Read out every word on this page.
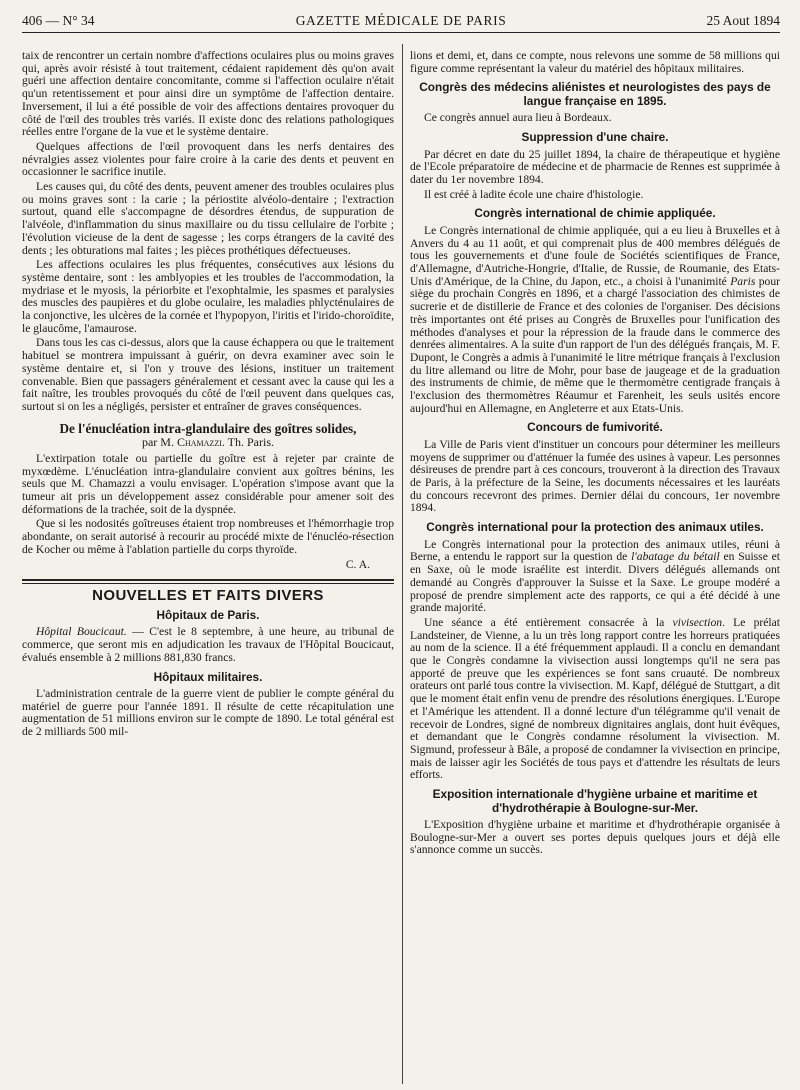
406 — N° 34	GAZETTE MÉDICALE DE PARIS	25 Aout 1894

taix de rencontrer un certain nombre d'affections oculaires plus ou moins graves qui, après avoir résisté à tout traitement, cédaient rapidement dès qu'on avait guéri une affection dentaire concomitante, comme si l'affection oculaire n'était qu'un retentissement et pour ainsi dire un symptôme de l'affection dentaire. Inversement, il lui a été possible de voir des affections dentaires provoquer du côté de l'œil des troubles très variés. Il existe donc des relations pathologiques réelles entre l'organe de la vue et le système dentaire.

Quelques affections de l'œil provoquent dans les nerfs dentaires des névralgies assez violentes pour faire croire à la carie des dents et peuvent en occasionner le sacrifice inutile.

Les causes qui, du côté des dents, peuvent amener des troubles oculaires plus ou moins graves sont : la carie ; la périostite alvéolo-dentaire ; l'extraction surtout, quand elle s'accompagne de désordres étendus, de suppuration de l'alvéole, d'inflammation du sinus maxillaire ou du tissu cellulaire de l'orbite ; l'évolution vicieuse de la dent de sagesse ; les corps étrangers de la cavité des dents ; les obturations mal faites ; les pièces prothétiques défectueuses.

Les affections oculaires les plus fréquentes, consécutives aux lésions du système dentaire, sont : les amblyopies et les troubles de l'accommodation, la mydriase et le myosis, la périorbite et l'exophtalmie, les spasmes et paralysies des muscles des paupières et du globe oculaire, les maladies phlycténulaires de la conjonctive, les ulcères de la cornée et l'hypopyon, l'iritis et l'irido-choroïdite, le glaucôme, l'amaurose.

Dans tous les cas ci-dessus, alors que la cause échappera ou que le traitement habituel se montrera impuissant à guérir, on devra examiner avec soin le système dentaire et, si l'on y trouve des lésions, instituer un traitement convenable. Bien que passagers généralement et cessant avec la cause qui les a fait naître, les troubles provoqués du côté de l'œil peuvent dans quelques cas, surtout si on les a négligés, persister et entraîner de graves conséquences.

De l'énucléation intra-glandulaire des goîtres solides,
par M. Chamazzi. Th. Paris.

L'extirpation totale ou partielle du goître est à rejeter par crainte de myxœdème. L'énucléation intra-glandulaire convient aux goîtres bénins, les seuls que M. Chamazzi a voulu envisager. L'opération s'impose avant que la tumeur ait pris un développement assez considérable pour amener soit des déformations de la trachée, soit de la dyspnée.

Que si les nodosités goîtreuses étaient trop nombreuses et l'hémorrhagie trop abondante, on serait autorisé à recourir au procédé mixte de l'énucléo-résection de Kocher ou même à l'ablation partielle du corps thyroïde.

C. A.
NOUVELLES ET FAITS DIVERS
Hôpitaux de Paris.

Hôpital Boucicaut. — C'est le 8 septembre, à une heure, au tribunal de commerce, que seront mis en adjudication les travaux de l'Hôpital Boucicaut, évalués ensemble à 2 millions 881,830 francs.

Hôpitaux militaires.

L'administration centrale de la guerre vient de publier le compte général du matériel de guerre pour l'année 1891. Il résulte de cette récapitulation une augmentation de 51 millions environ sur le compte de 1890. Le total général est de 2 milliards 500 mil-

lions et demi, et, dans ce compte, nous relevons une somme de 58 millions qui figure comme représentant la valeur du matériel des hôpitaux militaires.

Congrès des médecins aliénistes et neurologistes des pays de langue française en 1895.

Ce congrès annuel aura lieu à Bordeaux.

Suppression d'une chaire.

Par décret en date du 25 juillet 1894, la chaire de thérapeutique et hygiène de l'Ecole préparatoire de médecine et de pharmacie de Rennes est supprimée à dater du 1er novembre 1894.

Il est créé à ladite école une chaire d'histologie.

Congrès international de chimie appliquée.

Le Congrès international de chimie appliquée, qui a eu lieu à Bruxelles et à Anvers du 4 au 11 août, et qui comprenait plus de 400 membres délégués de tous les gouvernements et d'une foule de Sociétés scientifiques de France, d'Allemagne, d'Autriche-Hongrie, d'Italie, de Russie, de Roumanie, des Etats-Unis d'Amérique, de la Chine, du Japon, etc., a choisi à l'unanimité Paris pour siège du prochain Congrès en 1896, et a chargé l'association des chimistes de sucrerie et de distillerie de France et des colonies de l'organiser. Des décisions très importantes ont été prises au Congrès de Bruxelles pour l'unification des méthodes d'analyses et pour la répression de la fraude dans le commerce des denrées alimentaires. A la suite d'un rapport de l'un des délégués français, M. F. Dupont, le Congrès a admis à l'unanimité le litre métrique français à l'exclusion du litre allemand ou litre de Mohr, pour base de jaugeage et de la graduation des instruments de chimie, de même que le thermomètre centigrade français à l'exclusion des thermomètres Réaumur et Farenheit, les seuls usités encore aujourd'hui en Allemagne, en Angleterre et aux Etats-Unis.

Concours de fumivorité.

La Ville de Paris vient d'instituer un concours pour déterminer les meilleurs moyens de supprimer ou d'atténuer la fumée des usines à vapeur. Les personnes désireuses de prendre part à ces concours, trouveront à la direction des Travaux de Paris, à la préfecture de la Seine, les documents nécessaires et les lauréats du concours recevront des primes. Dernier délai du concours, 1er novembre 1894.

Congrès international pour la protection des animaux utiles.

Le Congrès international pour la protection des animaux utiles, réuni à Berne, a entendu le rapport sur la question de l'abatage du bétail en Suisse et en Saxe, où le mode israélite est interdit. Divers délégués allemands ont demandé au Congrès d'approuver la Suisse et la Saxe. Le groupe modéré a proposé de prendre simplement acte des rapports, ce qui a été décidé à une grande majorité.

Une séance a été entièrement consacrée à la vivisection. Le prélat Landsteiner, de Vienne, a lu un très long rapport contre les horreurs pratiquées au nom de la science. Il a été fréquemment applaudi. Il a conclu en demandant que le Congrès condamne la vivisection aussi longtemps qu'il ne sera pas apporté de preuve que les expériences se font sans cruauté. De nombreux orateurs ont parlé tous contre la vivisection. M. Kapf, délégué de Stuttgart, a dit que le moment était enfin venu de prendre des résolutions énergiques. L'Europe et l'Amérique les attendent. Il a donné lecture d'un télégramme qu'il venait de recevoir de Londres, signé de nombreux dignitaires anglais, dont huit évêques, et demandant que le Congrès condamne résolument la vivisection. M. Sigmund, professeur à Bâle, a proposé de condamner la vivisection en principe, mais de laisser agir les Sociétés de tous pays et d'attendre les résultats de leurs efforts.

Exposition internationale d'hygiène urbaine et maritime et d'hydrothérapie à Boulogne-sur-Mer.

L'Exposition d'hygiène urbaine et maritime et d'hydrothérapie organisée à Boulogne-sur-Mer a ouvert ses portes depuis quelques jours et déjà elle s'annonce comme un succès.
